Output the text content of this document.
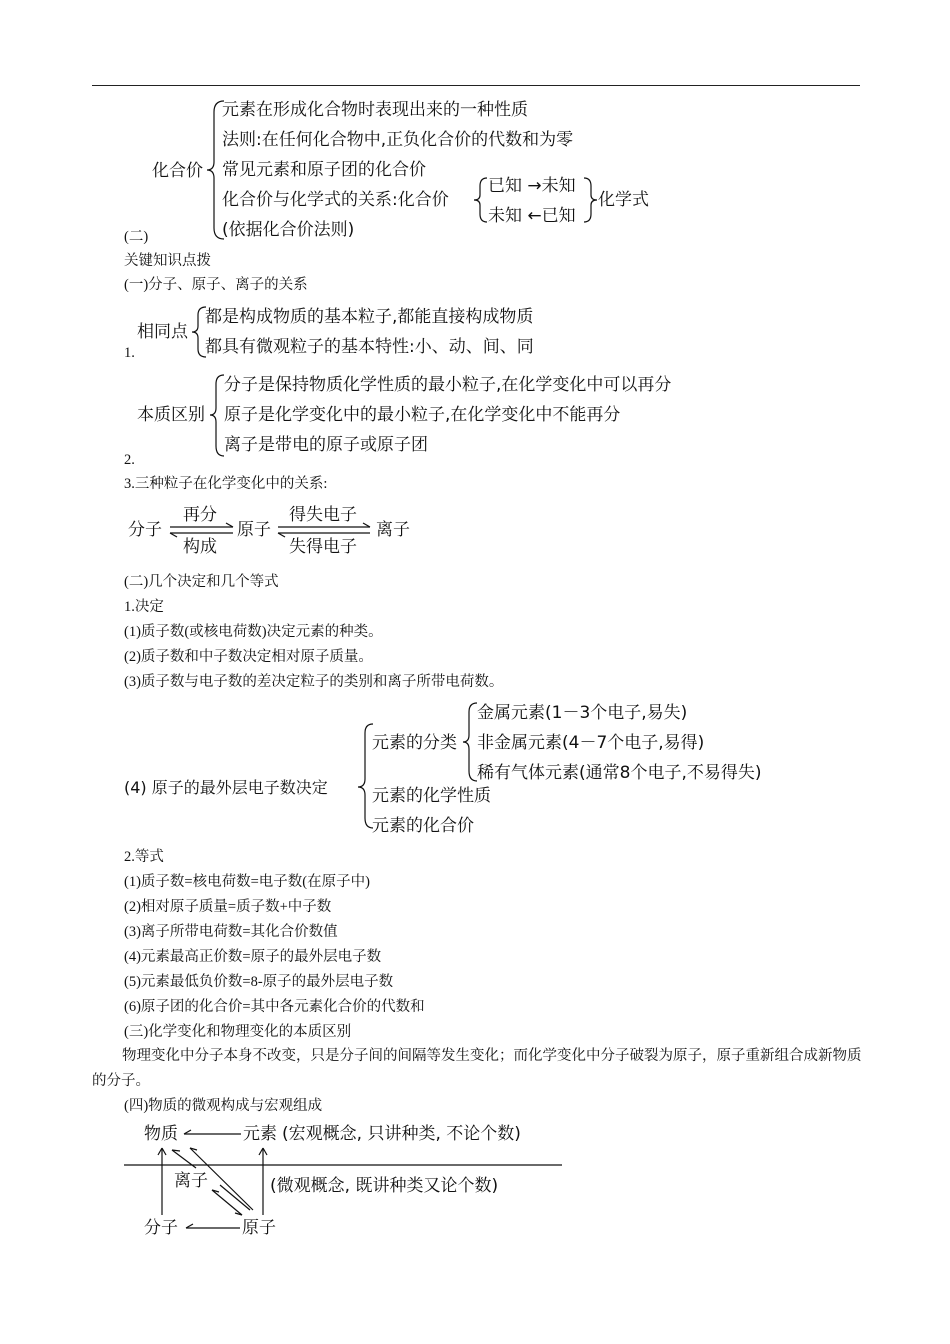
化合价
元素在形成化合物时表现出来的一种性质
法则:在任何化合物中,正负化合价的代数和为零
常见元素和原子团的化合价
化合价与化学式的关系:化合价
已知 →未知
未知 ←已知
化学式
(依据化合价法则)
(二)
关键知识点拨
(一)分子、原子、离子的关系
相同点
都是构成物质的基本粒子,都能直接构成物质
都具有微观粒子的基本特性:小、动、间、同
1.
本质区别
分子是保持物质化学性质的最小粒子,在化学变化中可以再分
原子是化学变化中的最小粒子,在化学变化中不能再分
离子是带电的原子或原子团
2.
3.三种粒子在化学变化中的关系:
分子
再分
构成
原子
得失电子
失得电子
离子
(二)几个决定和几个等式
1.决定
(1)质子数(或核电荷数)决定元素的种类。
(2)质子数和中子数决定相对原子质量。
(3)质子数与电子数的差决定粒子的类别和离子所带电荷数。
(4) 原子的最外层电子数决定
元素的分类
金属元素(1－3个电子,易失)
非金属元素(4－7个电子,易得)
稀有气体元素(通常8个电子,不易得失)
元素的化学性质
元素的化合价
2.等式
(1)质子数=核电荷数=电子数(在原子中)
(2)相对原子质量=质子数+中子数
(3)离子所带电荷数=其化合价数值
(4)元素最高正价数=原子的最外层电子数
(5)元素最低负价数=8-原子的最外层电子数
(6)原子团的化合价=其中各元素化合价的代数和
(三)化学变化和物理变化的本质区别
物理变化中分子本身不改变，只是分子间的间隔等发生变化；而化学变化中分子破裂为原子，原子重新组合成新物质的分子。
(四)物质的微观构成与宏观组成
物质	元素 (宏观概念, 只讲种类, 不论个数)
离子	(微观概念, 既讲种类又论个数)
分子	原子
